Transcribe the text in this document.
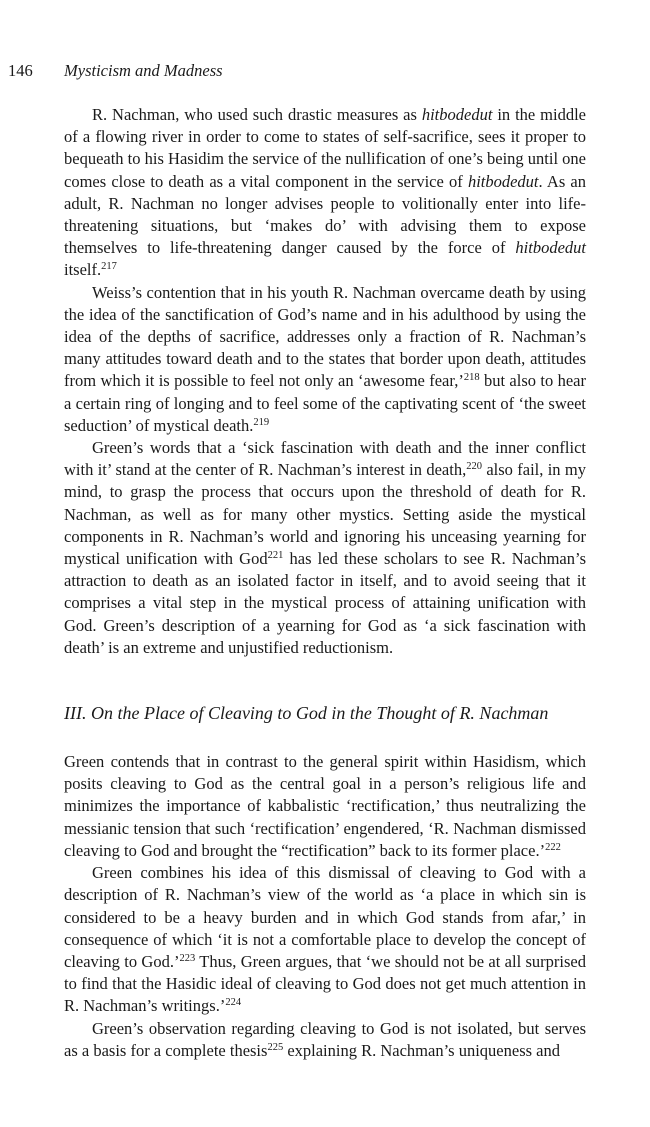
146 Mysticism and Madness

R. Nachman, who used such drastic measures as hitbodedut in the middle of a flowing river in order to come to states of self-sacrifice, sees it proper to bequeath to his Hasidim the service of the nullification of one’s being until one comes close to death as a vital component in the service of hitbodedut. As an adult, R. Nachman no longer advises people to volitionally enter into life-threatening situations, but ‘makes do’ with advising them to expose themselves to life-threatening danger caused by the force of hitbodedut itself.$^{217}$

Weiss’s contention that in his youth R. Nachman overcame death by using the idea of the sanctification of God’s name and in his adulthood by using the idea of the depths of sacrifice, addresses only a fraction of R. Nachman’s many attitudes toward death and to the states that border upon death, attitudes from which it is possible to feel not only an ‘awesome fear,’$^{218}$ but also to hear a certain ring of longing and to feel some of the captivating scent of ‘the sweet seduction’ of mystical death.$^{219}$

Green’s words that a ‘sick fascination with death and the inner conflict with it’ stand at the center of R. Nachman’s interest in death,$^{220}$ also fail, in my mind, to grasp the process that occurs upon the threshold of death for R. Nachman, as well as for many other mystics. Setting aside the mystical components in R. Nachman’s world and ignoring his unceasing yearning for mystical unification with God$^{221}$ has led these scholars to see R. Nachman’s attraction to death as an isolated factor in itself, and to avoid seeing that it comprises a vital step in the mystical process of attaining unification with God. Green’s description of a yearning for God as ‘a sick fascination with death’ is an extreme and unjustified reductionism.

III. On the Place of Cleaving to God in the Thought of R. Nachman

Green contends that in contrast to the general spirit within Hasidism, which posits cleaving to God as the central goal in a person’s religious life and minimizes the importance of kabbalistic ‘rectification,’ thus neutralizing the messianic tension that such ‘rectification’ engendered, ‘R. Nachman dismissed cleaving to God and brought the “rectification” back to its former place.’$^{222}$

Green combines his idea of this dismissal of cleaving to God with a description of R. Nachman’s view of the world as ‘a place in which sin is considered to be a heavy burden and in which God stands from afar,’ in consequence of which ‘it is not a comfortable place to develop the concept of cleaving to God.’$^{223}$ Thus, Green argues, that ‘we should not be at all surprised to find that the Hasidic ideal of cleaving to God does not get much attention in R. Nachman’s writings.’$^{224}$

Green’s observation regarding cleaving to God is not isolated, but serves as a basis for a complete thesis$^{225}$ explaining R. Nachman’s uniqueness and
